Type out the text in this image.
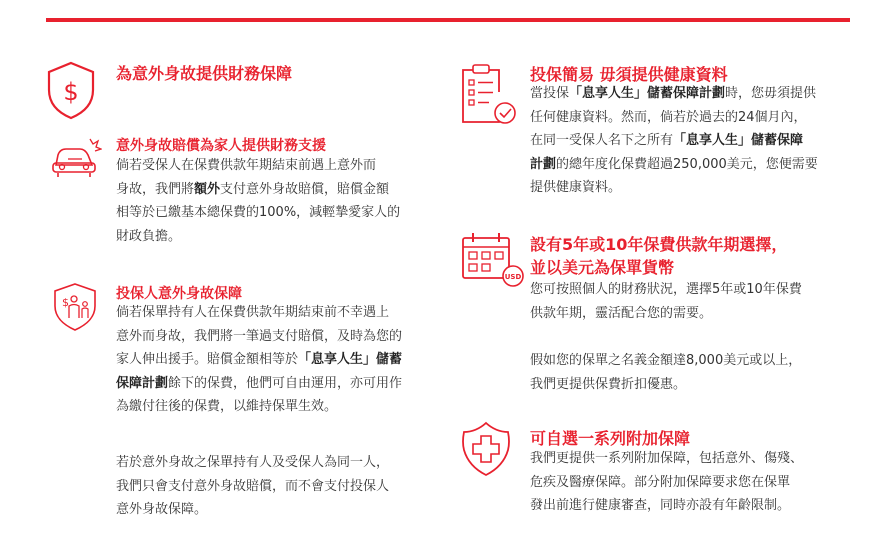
$
為意外身故提供財務保障
意外身故賠償為家人提供財務支援
倘若受保人在保費供款年期結束前遇上意外而
身故，我們將額外支付意外身故賠償，賠償金額
相等於已繳基本總保費的100%，減輕摯愛家人的
財政負擔。
$
投保人意外身故保障
倘若保單持有人在保費供款年期結束前不幸遇上
意外而身故，我們將一筆過支付賠償，及時為您的
家人伸出援手。賠償金額相等於「息享人生」儲蓄
保障計劃餘下的保費，他們可自由運用，亦可用作
為繳付往後的保費，以維持保單生效。
若於意外身故之保單持有人及受保人為同一人，
我們只會支付意外身故賠償，而不會支付投保人
意外身故保障。
投保簡易 毋須提供健康資料
當投保「息享人生」儲蓄保障計劃時，您毋須提供
任何健康資料。然而，倘若於過去的24個月內，
在同一受保人名下之所有「息享人生」儲蓄保障
計劃的總年度化保費超過250,000美元，您便需要
提供健康資料。
USD
設有5年或10年保費供款年期選擇，
並以美元為保單貨幣
您可按照個人的財務狀況，選擇5年或10年保費
供款年期，靈活配合您的需要。
假如您的保單之名義金額達8,000美元或以上，
我們更提供保費折扣優惠。
可自選一系列附加保障
我們更提供一系列附加保障，包括意外、傷殘、
危疾及醫療保障。部分附加保障要求您在保單
發出前進行健康審查，同時亦設有年齡限制。
